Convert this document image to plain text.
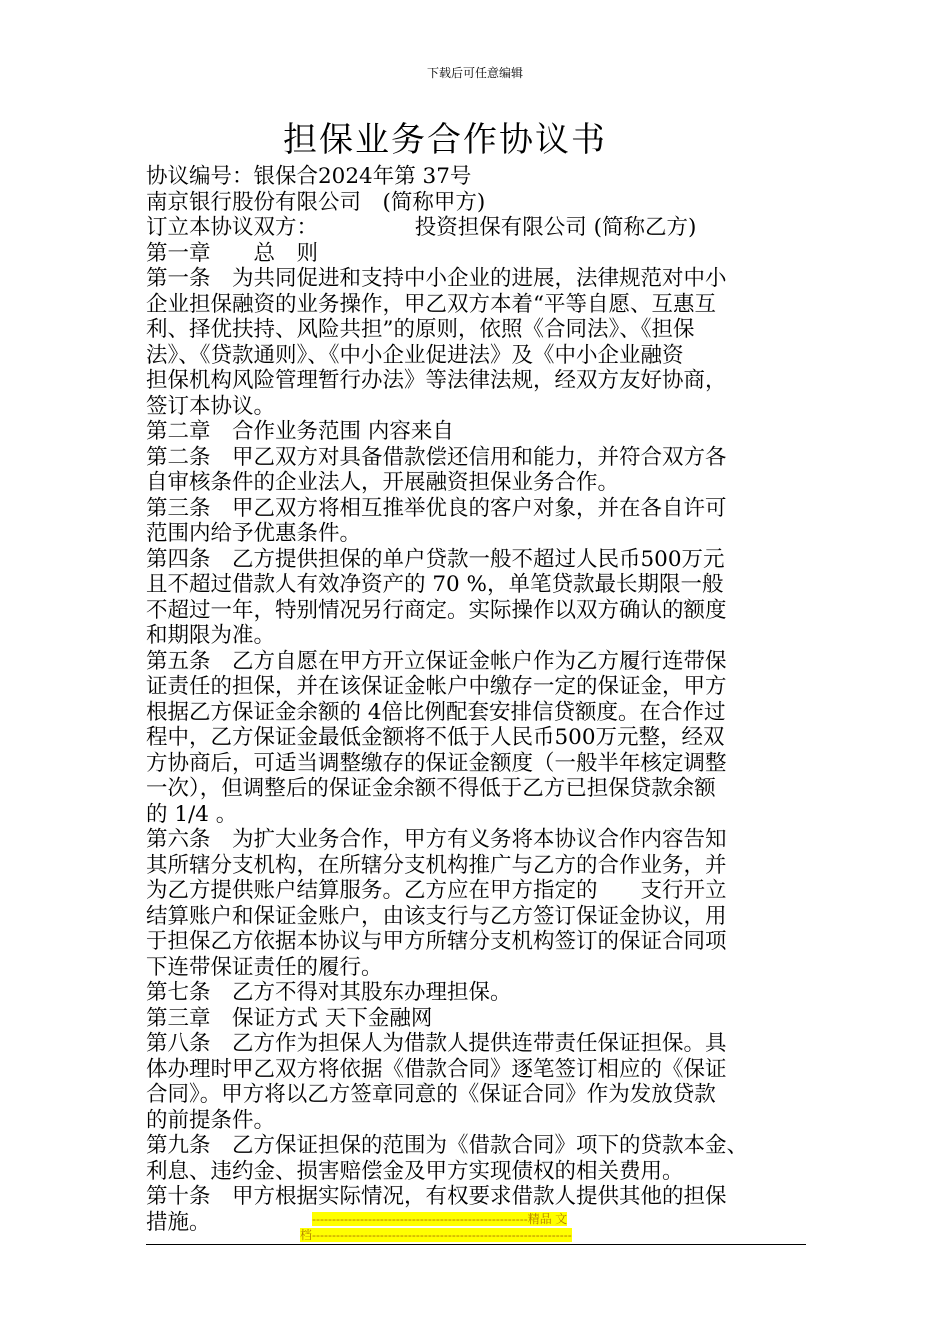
下载后可任意编辑
担保业务合作协议书
协议编号：银保合2024年第 37号
南京银行股份有限公司　(简称甲方)
订立本协议双方：　　　　　投资担保有限公司 (简称乙方)
第一章　　总　则
第一条　为共同促进和支持中小企业的进展，法律规范对中小
企业担保融资的业务操作，甲乙双方本着“平等自愿、互惠互
利、择优扶持、风险共担”的原则，依照《合同法》、《担保
法》、《贷款通则》、《中小企业促进法》及《中小企业融资
担保机构风险管理暂行办法》等法律法规，经双方友好协商，
签订本协议。
第二章　合作业务范围 内容来自
第二条　甲乙双方对具备借款偿还信用和能力，并符合双方各
自审核条件的企业法人，开展融资担保业务合作。
第三条　甲乙双方将相互推举优良的客户对象，并在各自许可
范围内给予优惠条件。
第四条　乙方提供担保的单户贷款一般不超过人民币500万元
且不超过借款人有效净资产的 70 %，单笔贷款最长期限一般
不超过一年，特别情况另行商定。实际操作以双方确认的额度
和期限为准。
第五条　乙方自愿在甲方开立保证金帐户作为乙方履行连带保
证责任的担保，并在该保证金帐户中缴存一定的保证金，甲方
根据乙方保证金余额的 4倍比例配套安排信贷额度。在合作过
程中，乙方保证金最低金额将不低于人民币500万元整，经双
方协商后，可适当调整缴存的保证金额度（一般半年核定调整
一次），但调整后的保证金余额不得低于乙方已担保贷款余额
的 1/4 。
第六条　为扩大业务合作，甲方有义务将本协议合作内容告知
其所辖分支机构，在所辖分支机构推广与乙方的合作业务，并
为乙方提供账户结算服务。乙方应在甲方指定的　　支行开立
结算账户和保证金账户，由该支行与乙方签订保证金协议，用
于担保乙方依据本协议与甲方所辖分支机构签订的保证合同项
下连带保证责任的履行。
第七条　乙方不得对其股东办理担保。
第三章　保证方式 天下金融网
第八条　乙方作为担保人为借款人提供连带责任保证担保。具
体办理时甲乙双方将依据《借款合同》逐笔签订相应的《保证
合同》。甲方将以乙方签章同意的《保证合同》作为发放贷款
的前提条件。
第九条　乙方保证担保的范围为《借款合同》项下的贷款本金、
利息、违约金、损害赔偿金及甲方实现债权的相关费用。
第十条　甲方根据实际情况，有权要求借款人提供其他的担保
措施。	------------------------------------------------------精品 文
档-----------------------------------------------------------------
